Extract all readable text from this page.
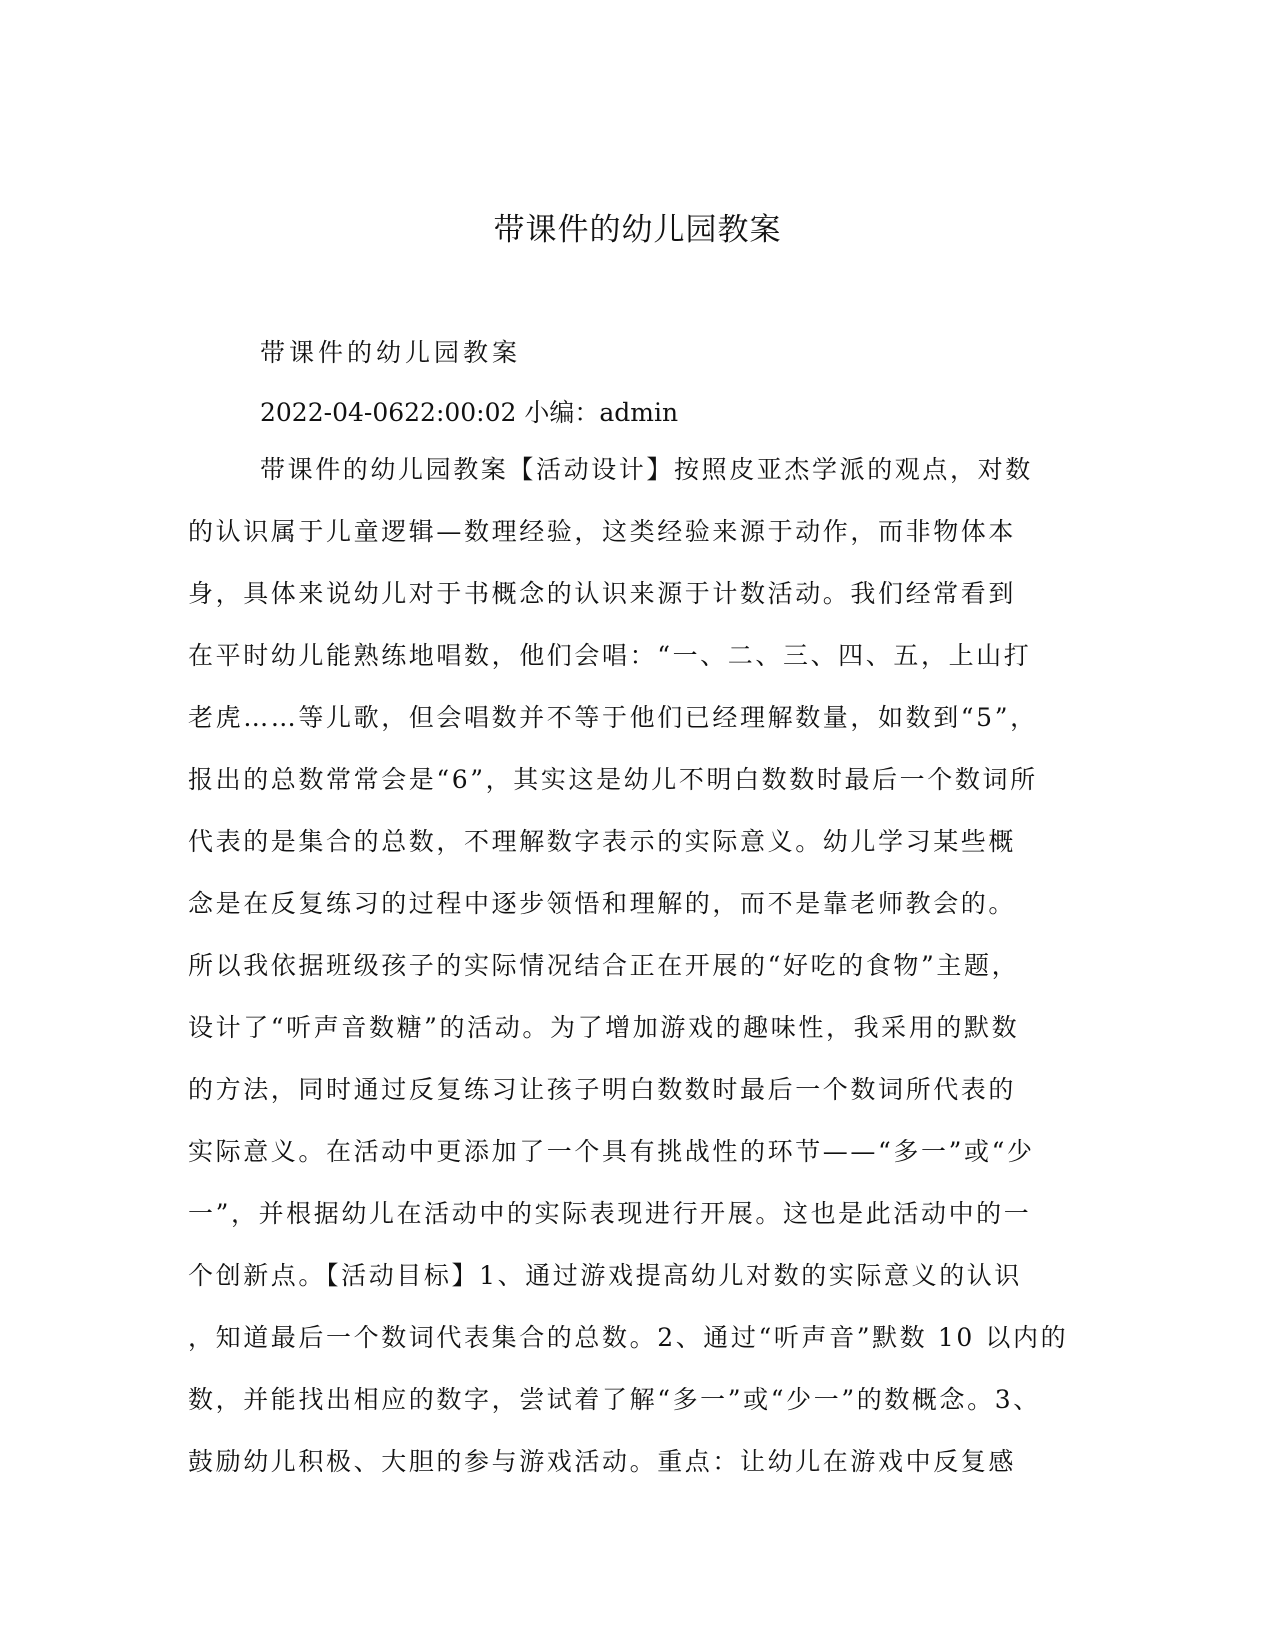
带课件的幼儿园教案
带课件的幼儿园教案
2022-04-0622:00:02 小编：admin
带课件的幼儿园教案【活动设计】按照皮亚杰学派的观点，对数
的认识属于儿童逻辑—数理经验，这类经验来源于动作，而非物体本
身，具体来说幼儿对于书概念的认识来源于计数活动。我们经常看到
在平时幼儿能熟练地唱数，他们会唱：“一、二、三、四、五，上山打
老虎……等儿歌，但会唱数并不等于他们已经理解数量，如数到“5”，
报出的总数常常会是“6”，其实这是幼儿不明白数数时最后一个数词所
代表的是集合的总数，不理解数字表示的实际意义。幼儿学习某些概
念是在反复练习的过程中逐步领悟和理解的，而不是靠老师教会的。
所以我依据班级孩子的实际情况结合正在开展的“好吃的食物”主题，
设计了“听声音数糖”的活动。为了增加游戏的趣味性，我采用的默数
的方法，同时通过反复练习让孩子明白数数时最后一个数词所代表的
实际意义。在活动中更添加了一个具有挑战性的环节——“多一”或“少
一”，并根据幼儿在活动中的实际表现进行开展。这也是此活动中的一
个创新点。【活动目标】1、通过游戏提高幼儿对数的实际意义的认识
，知道最后一个数词代表集合的总数。2、通过“听声音”默数 10 以内的
数，并能找出相应的数字，尝试着了解“多一”或“少一”的数概念。3、
鼓励幼儿积极、大胆的参与游戏活动。重点：让幼儿在游戏中反复感
